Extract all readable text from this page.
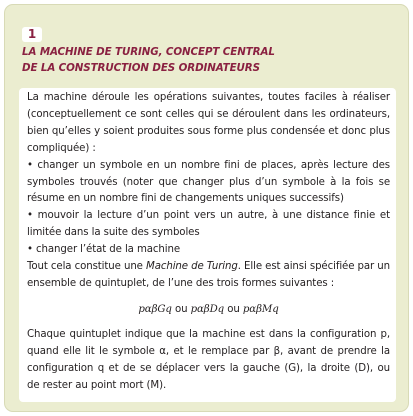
1
LA MACHINE DE TURING, CONCEPT CENTRAL
DE LA CONSTRUCTION DES ORDINATEURS
La machine déroule les opérations suivantes, toutes faciles à réaliser
(conceptuellement ce sont celles qui se déroulent dans les ordinateurs,
bien qu’elles y soient produites sous forme plus condensée et donc plus
compliquée) :
• changer un symbole en un nombre fini de places, après lecture des
symboles trouvés (noter que changer plus d’un symbole à la fois se
résume en un nombre fini de changements uniques successifs)
• mouvoir la lecture d’un point vers un autre, à une distance finie et
limitée dans la suite des symboles
• changer l’état de la machine
Tout cela constitue une Machine de Turing. Elle est ainsi spécifiée par un
ensemble de quintuplet, de l’une des trois formes suivantes :
pαβGq ou pαβDq ou pαβMq
Chaque quintuplet indique que la machine est dans la configuration p,
quand elle lit le symbole α, et le remplace par β, avant de prendre la
configuration q et de se déplacer vers la gauche (G), la droite (D), ou
de rester au point mort (M).
